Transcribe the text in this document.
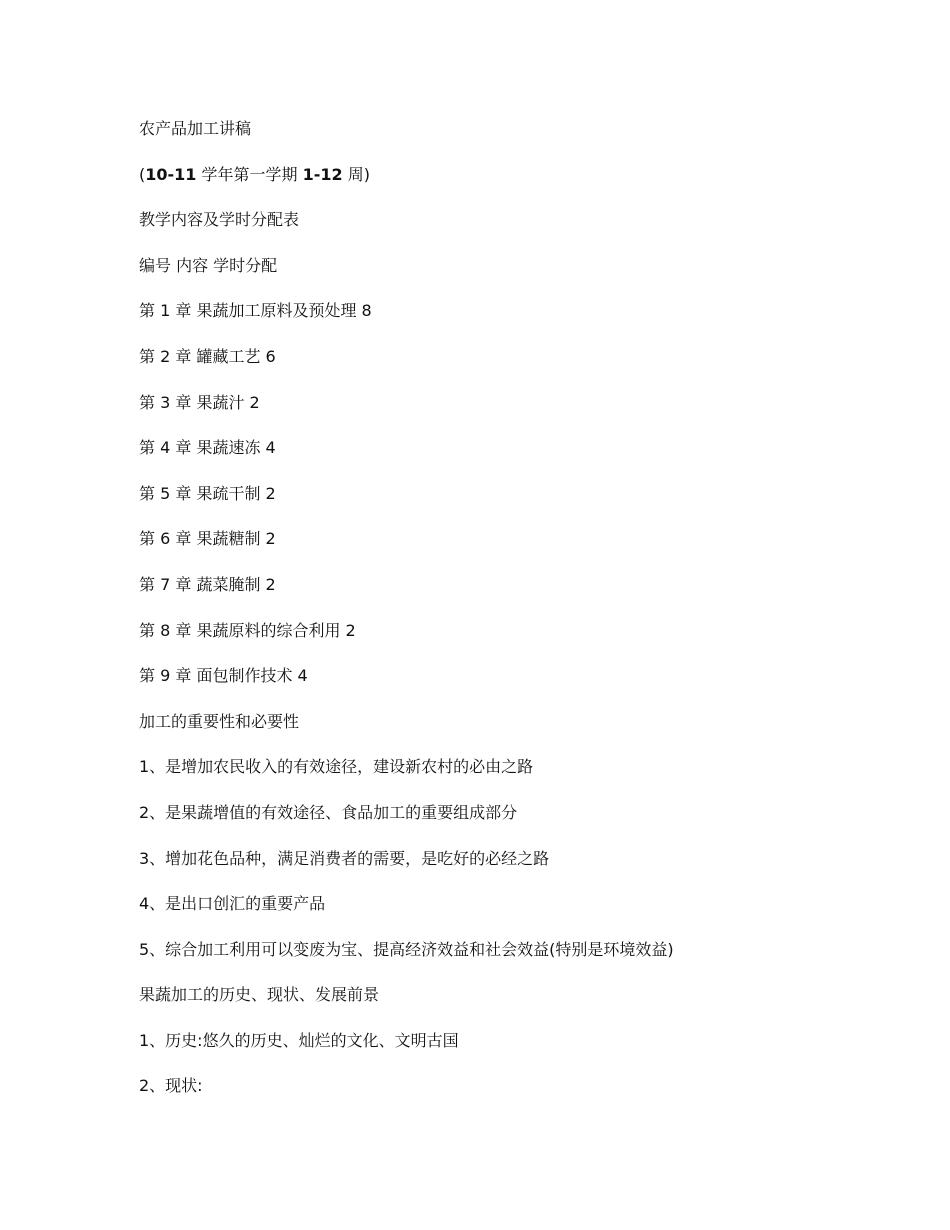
农产品加工讲稿
(10-11 学年第一学期 1-12 周)
教学内容及学时分配表
编号 内容 学时分配
第 1 章 果蔬加工原料及预处理 8
第 2 章 罐藏工艺 6
第 3 章 果蔬汁 2
第 4 章 果蔬速冻 4
第 5 章 果疏干制 2
第 6 章 果蔬糖制 2
第 7 章 蔬菜腌制 2
第 8 章 果蔬原料的综合利用 2
第 9 章 面包制作技术 4
加工的重要性和必要性
1、是增加农民收入的有效途径，建设新农村的必由之路
2、是果蔬增值的有效途径、食品加工的重要组成部分
3、增加花色品种，满足消费者的需要，是吃好的必经之路
4、是出口创汇的重要产品
5、综合加工利用可以变废为宝、提高经济效益和社会效益(特别是环境效益)
果蔬加工的历史、现状、发展前景
1、历史:悠久的历史、灿烂的文化、文明古国
2、现状:
